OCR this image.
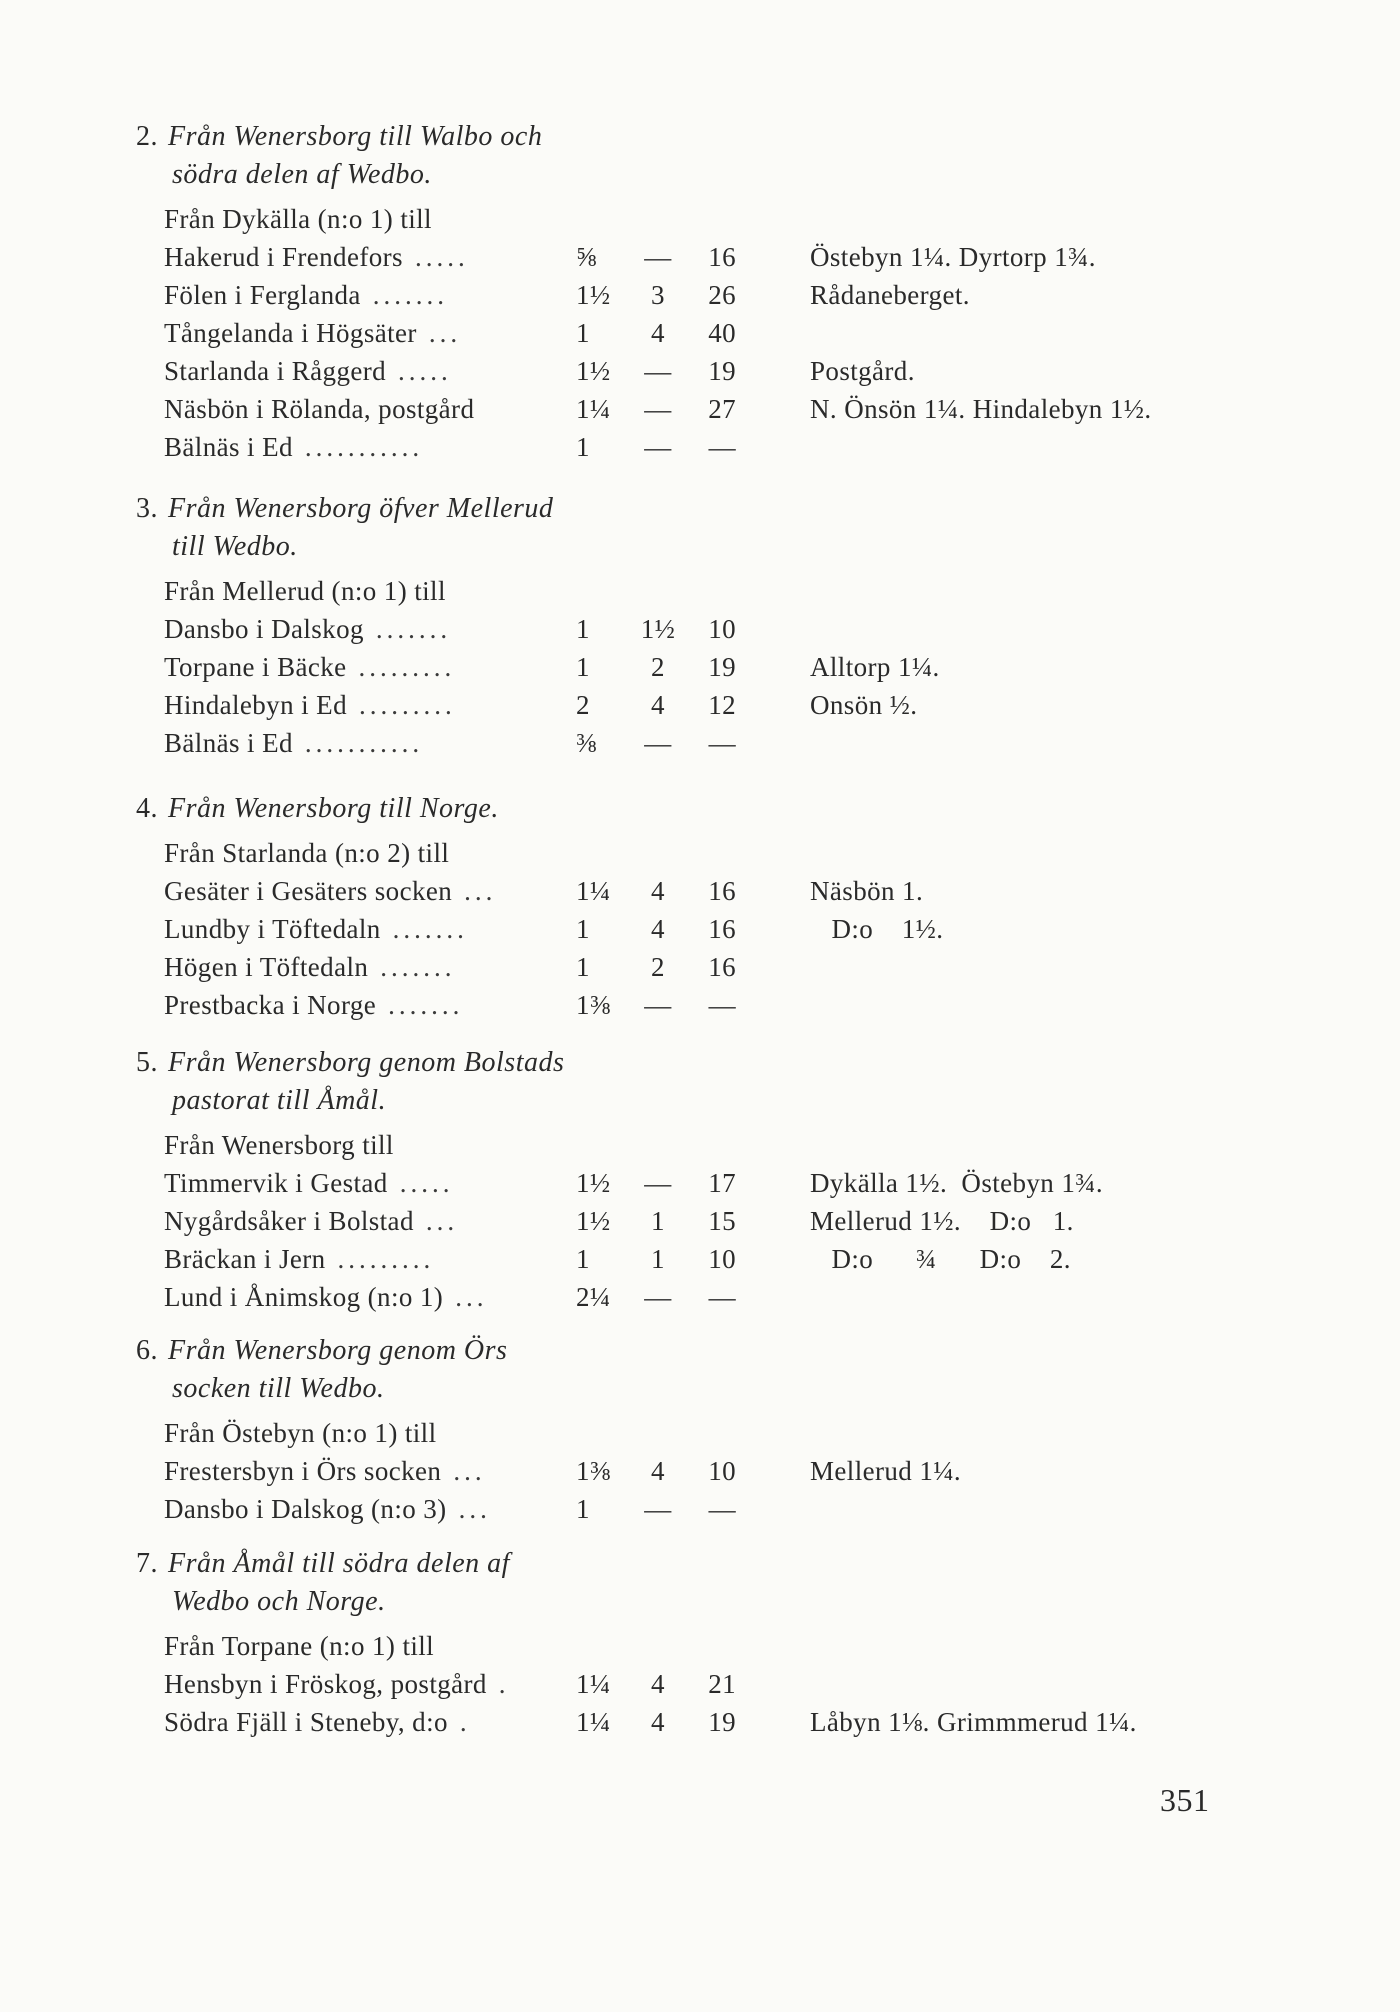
2. Från Wenersborg till Walbo och
södra delen af Wedbo.
Från Dykälla (n:o 1) till
Hakerud i Frendefors .....	⅝	—	16	Östebyn 1¼. Dyrtorp 1¾.
Fölen i Ferglanda .......	1½	3	26	Rådaneberget.
Tångelanda i Högsäter ...	1	4	40
Starlanda i Råggerd .....	1½	—	19	Postgård.
Näsbön i Rölanda, postgård	1¼	—	27	N. Önsön 1¼. Hindalebyn 1½.
Bälnäs i Ed ...........	1	—	—
3. Från Wenersborg öfver Mellerud
till Wedbo.
Från Mellerud (n:o 1) till
Dansbo i Dalskog .......	1	1½	10
Torpane i Bäcke .........	1	2	19	Alltorp 1¼.
Hindalebyn i Ed .........	2	4	12	Onsön ½.
Bälnäs i Ed ...........	⅜	—	—
4. Från Wenersborg till Norge.
Från Starlanda (n:o 2) till
Gesäter i Gesäters socken ...	1¼	4	16	Näsbön 1.
Lundby i Töftedaln .......	1	4	16	D:o    1½.
Högen i Töftedaln .......	1	2	16
Prestbacka i Norge .......	1⅜	—	—
5. Från Wenersborg genom Bolstads
pastorat till Åmål.
Från Wenersborg till
Timmervik i Gestad .....	1½	—	17	Dykälla 1½.  Östebyn 1¾.
Nygårdsåker i Bolstad ...	1½	1	15	Mellerud 1½.    D:o   1.
Bräckan i Jern .........	1	1	10	D:o      ¾      D:o    2.
Lund i Ånimskog (n:o 1) ...	2¼	—	—
6. Från Wenersborg genom Örs
socken till Wedbo.
Från Östebyn (n:o 1) till
Frestersbyn i Örs socken ...	1⅜	4	10	Mellerud 1¼.
Dansbo i Dalskog (n:o 3) ...	1	—	—
7. Från Åmål till södra delen af
Wedbo och Norge.
Från Torpane (n:o 1) till
Hensbyn i Fröskog, postgård .	1¼	4	21
Södra Fjäll i Steneby, d:o .	1¼	4	19	Låbyn 1⅛. Grimmmerud 1¼.
351
